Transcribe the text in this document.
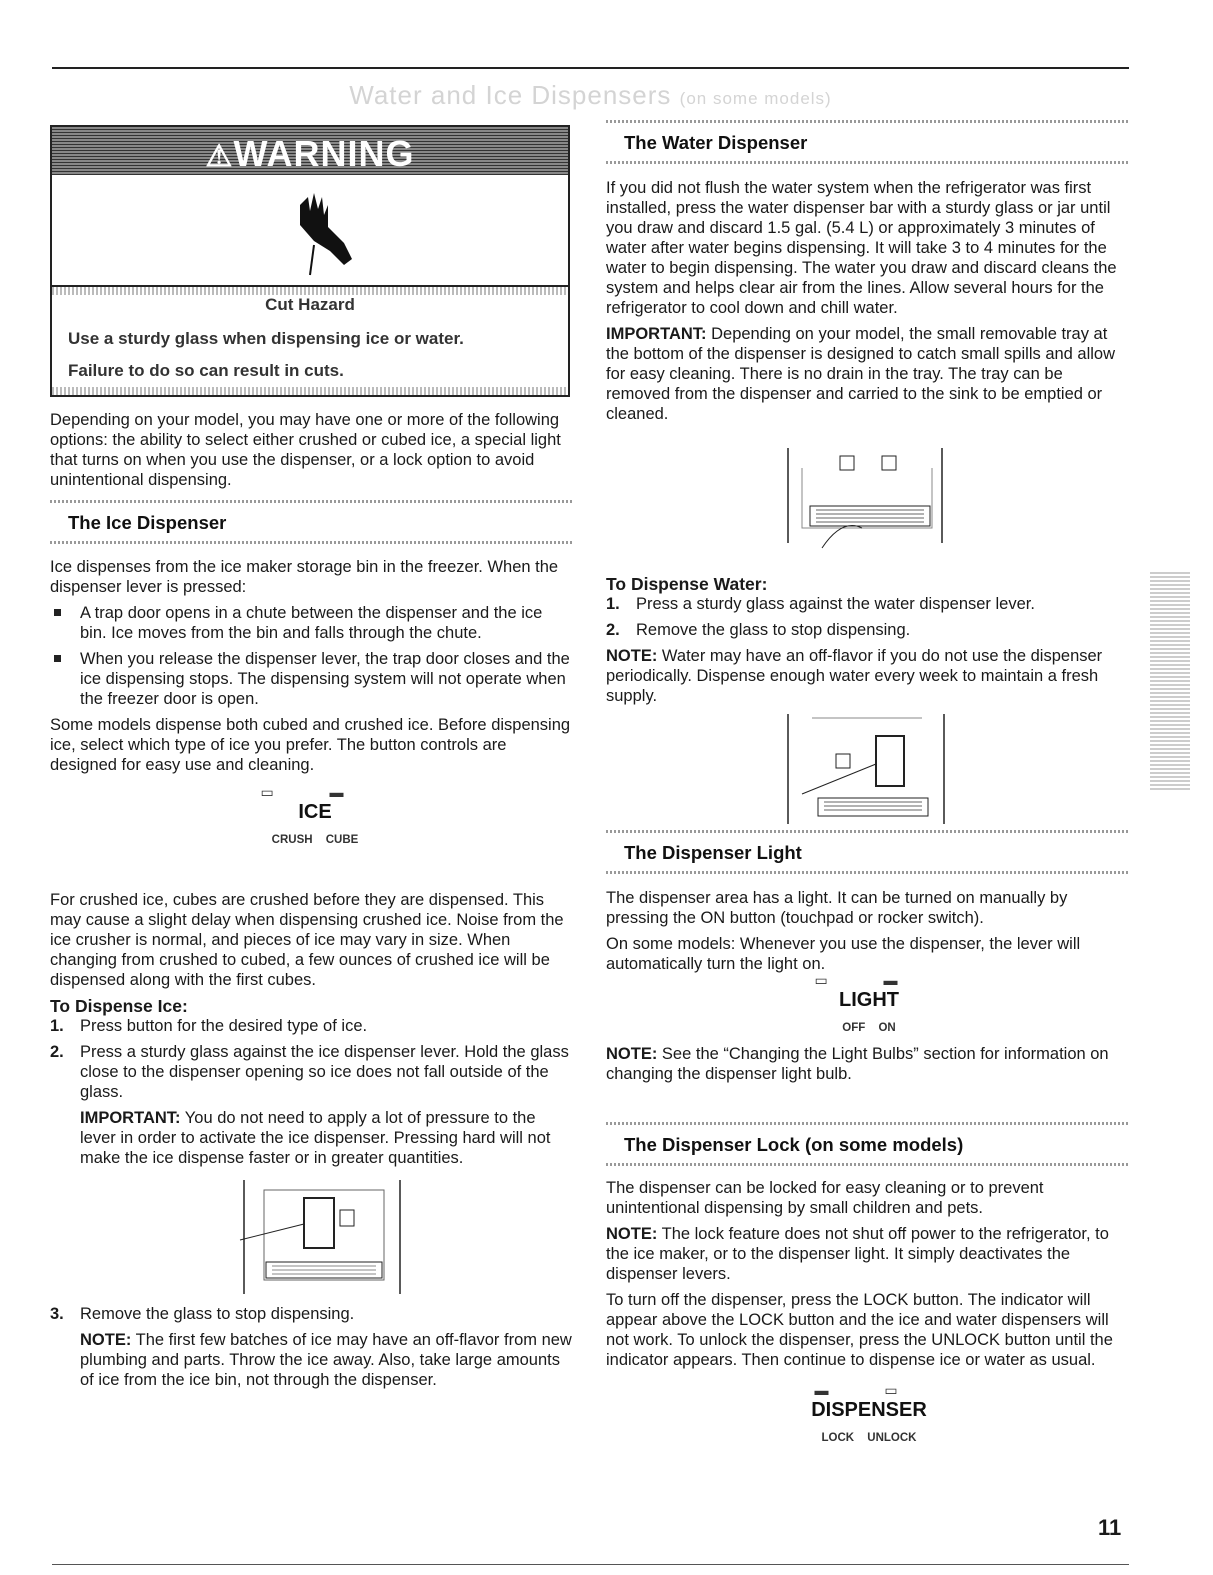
Water and Ice Dispensers (on some models)
⚠WARNING
Cut Hazard
Use a sturdy glass when dispensing ice or water.
Failure to do so can result in cuts.

Depending on your model, you may have one or more of the following options: the ability to select either crushed or cubed ice, a special light that turns on when you use the dispenser, or a lock option to avoid unintentional dispensing.

The Ice Dispenser

Ice dispenses from the ice maker storage bin in the freezer. When the dispenser lever is pressed:

A trap door opens in a chute between the dispenser and the ice bin. Ice moves from the bin and falls through the chute.
When you release the dispenser lever, the trap door closes and the ice dispensing stops. The dispensing system will not operate when the freezer door is open.

Some models dispense both cubed and crushed ice. Before dispensing ice, select which type of ice you prefer. The button controls are designed for easy use and cleaning.

▭ ▬
ICE
CRUSH CUBE

For crushed ice, cubes are crushed before they are dispensed. This may cause a slight delay when dispensing crushed ice. Noise from the ice crusher is normal, and pieces of ice may vary in size. When changing from crushed to cubed, a few ounces of crushed ice will be dispensed along with the first cubes.

To Dispense Ice:
1. Press button for the desired type of ice.
2. Press a sturdy glass against the ice dispenser lever. Hold the glass close to the dispenser opening so ice does not fall outside of the glass.
IMPORTANT: You do not need to apply a lot of pressure to the lever in order to activate the ice dispenser. Pressing hard will not make the ice dispense faster or in greater quantities.
3. Remove the glass to stop dispensing.
NOTE: The first few batches of ice may have an off-flavor from new plumbing and parts. Throw the ice away. Also, take large amounts of ice from the ice bin, not through the dispenser.
The Water Dispenser

If you did not flush the water system when the refrigerator was first installed, press the water dispenser bar with a sturdy glass or jar until you draw and discard 1.5 gal. (5.4 L) or approximately 3 minutes of water after water begins dispensing. It will take 3 to 4 minutes for the water to begin dispensing. The water you draw and discard cleans the system and helps clear air from the lines. Allow several hours for the refrigerator to cool down and chill water.

IMPORTANT: Depending on your model, the small removable tray at the bottom of the dispenser is designed to catch small spills and allow for easy cleaning. There is no drain in the tray. The tray can be removed from the dispenser and carried to the sink to be emptied or cleaned.

To Dispense Water:
1. Press a sturdy glass against the water dispenser lever.
2. Remove the glass to stop dispensing.

NOTE: Water may have an off-flavor if you do not use the dispenser periodically. Dispense enough water every week to maintain a fresh supply.

The Dispenser Light

The dispenser area has a light. It can be turned on manually by pressing the ON button (touchpad or rocker switch).

On some models: Whenever you use the dispenser, the lever will automatically turn the light on.

▭ ▬
LIGHT
OFF ON

NOTE: See the “Changing the Light Bulbs” section for information on changing the dispenser light bulb.

The Dispenser Lock (on some models)

The dispenser can be locked for easy cleaning or to prevent unintentional dispensing by small children and pets.

NOTE: The lock feature does not shut off power to the refrigerator, to the ice maker, or to the dispenser light. It simply deactivates the dispenser levers.

To turn off the dispenser, press the LOCK button. The indicator will appear above the LOCK button and the ice and water dispensers will not work. To unlock the dispenser, press the UNLOCK button until the indicator appears. Then continue to dispense ice or water as usual.

▬ ▭
DISPENSER
LOCK UNLOCK
11
